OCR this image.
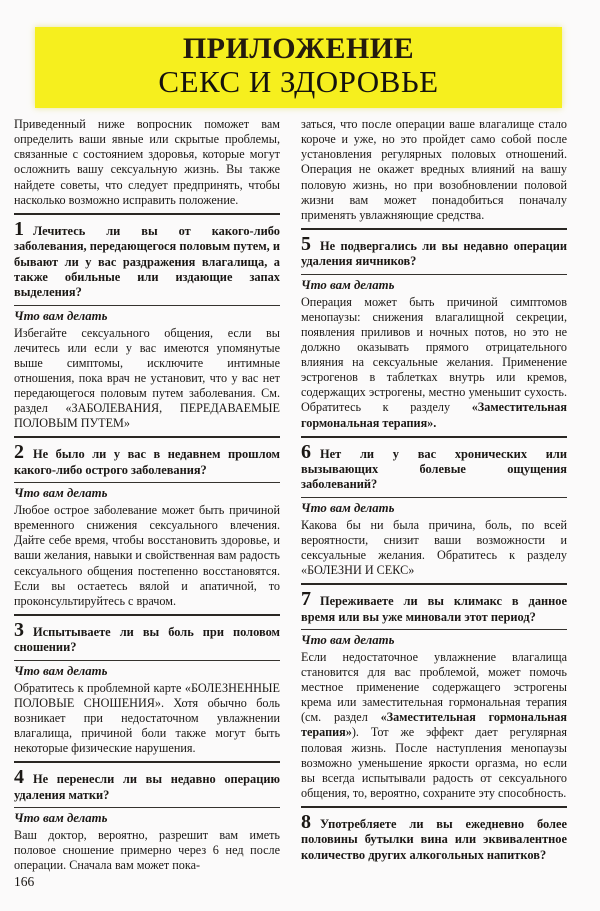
ПРИЛОЖЕНИЕ
СЕКС И ЗДОРОВЬЕ

Приведенный ниже вопросник поможет вам определить ваши явные или скрытые проблемы, связанные с состоянием здоровья, которые могут осложнить вашу сексуальную жизнь. Вы также найдете советы, что следует предпринять, чтобы насколько возможно исправить положение.

1 Лечитесь ли вы от какого-либо заболевания, передающегося половым путем, и бывают ли у вас раздражения влагалища, а также обильные или издающие запах выделения?

Что вам делать

Избегайте сексуального общения, если вы лечитесь или если у вас имеются упомянутые выше симптомы, исключите интимные отношения, пока врач не установит, что у вас нет передающегося половым путем заболевания. См. раздел «ЗАБОЛЕВАНИЯ, ПЕРЕДАВАЕМЫЕ ПОЛОВЫМ ПУТЕМ»

2 Не было ли у вас в недавнем прошлом какого-либо острого заболевания?

Что вам делать

Любое острое заболевание может быть причиной временного снижения сексуального влечения. Дайте себе время, чтобы восстановить здоровье, и ваши желания, навыки и свойственная вам радость сексуального общения постепенно восстановятся. Если вы остаетесь вялой и апатичной, то проконсультируйтесь с врачом.

3 Испытываете ли вы боль при половом сношении?

Что вам делать

Обратитесь к проблемной карте «БОЛЕЗНЕННЫЕ ПОЛОВЫЕ СНОШЕНИЯ». Хотя обычно боль возникает при недостаточном увлажнении влагалища, причиной боли также могут быть некоторые физические нарушения.

4 Не перенесли ли вы недавно операцию удаления матки?

Что вам делать

Ваш доктор, вероятно, разрешит вам иметь половое сношение примерно через 6 нед после операции. Сначала вам может пока-

166

заться, что после операции ваше влагалище стало короче и уже, но это пройдет само собой после установления регулярных половых отношений. Операция не окажет вредных влияний на вашу половую жизнь, но при возобновлении половой жизни вам может понадобиться поначалу применять увлажняющие средства.

5 Не подвергались ли вы недавно операции удаления яичников?

Что вам делать

Операция может быть причиной симптомов менопаузы: снижения влагалищной секреции, появления приливов и ночных потов, но это не должно оказывать прямого отрицательного влияния на сексуальные желания. Применение эстрогенов в таблетках внутрь или кремов, содержащих эстрогены, местно уменьшит сухость. Обратитесь к разделу «Заместительная гормональная терапия».

6 Нет ли у вас хронических или вызывающих болевые ощущения заболеваний?

Что вам делать

Какова бы ни была причина, боль, по всей вероятности, снизит ваши возможности и сексуальные желания. Обратитесь к разделу «БОЛЕЗНИ И СЕКС»

7 Переживаете ли вы климакс в данное время или вы уже миновали этот период?

Что вам делать

Если недостаточное увлажнение влагалища становится для вас проблемой, может помочь местное применение содержащего эстрогены крема или заместительная гормональная терапия (см. раздел «Заместительная гормональная терапия»). Тот же эффект дает регулярная половая жизнь. После наступления менопаузы возможно уменьшение яркости оргазма, но если вы всегда испытывали радость от сексуального общения, то, вероятно, сохраните эту способность.

8 Употребляете ли вы ежедневно более половины бутылки вина или эквивалентное количество других алкогольных напитков?
